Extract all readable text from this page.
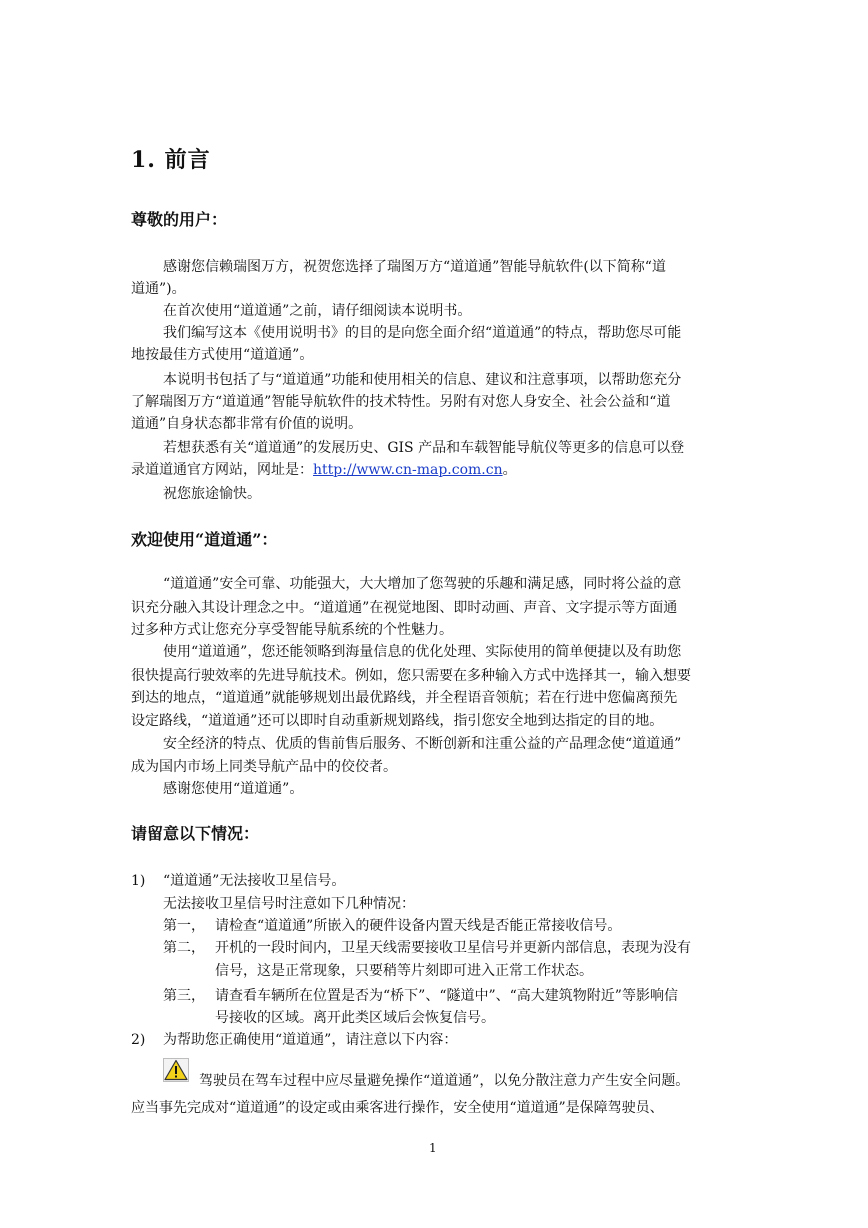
1. 前言
尊敬的用户：
感谢您信赖瑞图万方，祝贺您选择了瑞图万方“道道通”智能导航软件(以下简称“道
道通”)。
在首次使用“道道通”之前，请仔细阅读本说明书。
我们编写这本《使用说明书》的目的是向您全面介绍“道道通”的特点，帮助您尽可能
地按最佳方式使用“道道通”。
本说明书包括了与“道道通”功能和使用相关的信息、建议和注意事项，以帮助您充分
了解瑞图万方“道道通”智能导航软件的技术特性。另附有对您人身安全、社会公益和“道
道通”自身状态都非常有价值的说明。
若想获悉有关“道道通”的发展历史、GIS 产品和车载智能导航仪等更多的信息可以登
录道道通官方网站，网址是：http://www.cn-map.com.cn。
祝您旅途愉快。
欢迎使用“道道通”：
“道道通”安全可靠、功能强大，大大增加了您驾驶的乐趣和满足感，同时将公益的意
识充分融入其设计理念之中。“道道通”在视觉地图、即时动画、声音、文字提示等方面通
过多种方式让您充分享受智能导航系统的个性魅力。
使用“道道通”，您还能领略到海量信息的优化处理、实际使用的简单便捷以及有助您
很快提高行驶效率的先进导航技术。例如，您只需要在多种输入方式中选择其一，输入想要
到达的地点，“道道通”就能够规划出最优路线，并全程语音领航；若在行进中您偏离预先
设定路线，“道道通”还可以即时自动重新规划路线，指引您安全地到达指定的目的地。
安全经济的特点、优质的售前售后服务、不断创新和注重公益的产品理念使“道道通”
成为国内市场上同类导航产品中的佼佼者。
感谢您使用“道道通”。
请留意以下情况：
1) “道道通”无法接收卫星信号。
无法接收卫星信号时注意如下几种情况：
第一， 请检查“道道通”所嵌入的硬件设备内置天线是否能正常接收信号。
第二， 开机的一段时间内，卫星天线需要接收卫星信号并更新内部信息，表现为没有
信号，这是正常现象，只要稍等片刻即可进入正常工作状态。
第三， 请查看车辆所在位置是否为“桥下”、“隧道中”、“高大建筑物附近”等影响信
号接收的区域。离开此类区域后会恢复信号。
2) 为帮助您正确使用“道道通”，请注意以下内容：
驾驶员在驾车过程中应尽量避免操作“道道通”，以免分散注意力产生安全问题。
应当事先完成对“道道通”的设定或由乘客进行操作，安全使用“道道通”是保障驾驶员、
1
